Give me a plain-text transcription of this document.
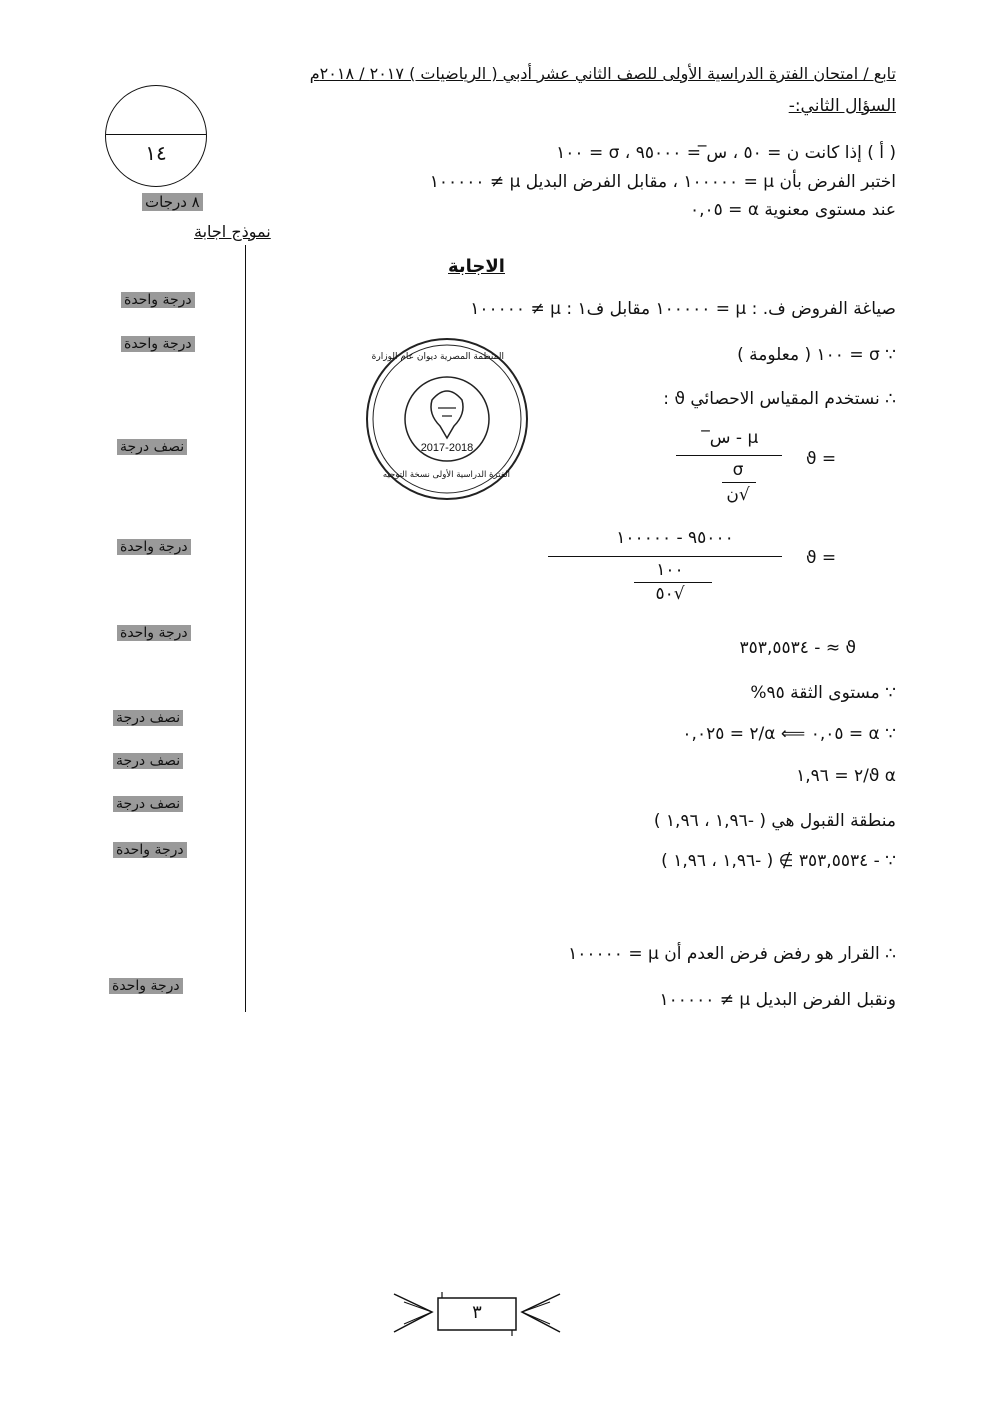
تابع / امتحان الفترة الدراسية الأولى للصف الثاني عشر أدبي ( الرياضيات ) ٢٠١٧ / ٢٠١٨م
السؤال الثاني:-
١٤	( أ ) إذا كانت ن = ٥٠ ، س̅ = ٩٥٠٠٠ ، σ = ١٠٠
اختبر الفرض بأن μ = ١٠٠٠٠٠ ، مقابل الفرض البديل μ ≠ ١٠٠٠٠٠
عند مستوى معنوية α = ٠,٠٥
٨ درجات
نموذج اجابة
الاجابة
صياغة الفروض ف. : μ = ١٠٠٠٠٠ مقابل ف١ : μ ≠ ١٠٠٠٠٠
∵ σ = ١٠٠ ( معلومة )
المنظمة المصرية ديوان عام الوزارة
2017-2018
الفترة الدراسية الأولى نسخة التوجيه
∴ نستخدم المقياس الاحصائي ϑ :
= ϑ
س̅ - μ
σ
√ن
= ϑ
٩٥٠٠٠ - ١٠٠٠٠٠
١٠٠
√٥٠
ϑ ≈ - ٣٥٣,٥٥٣٤
∵ مستوى الثقة ٩٥%
∵ α = ٠,٠٥ ⟸ α/٢ = ٠,٠٢٥
ϑ α/٢ = ١,٩٦
منطقة القبول هي ( -١,٩٦ ، ١,٩٦ )
∵ - ٣٥٣,٥٥٣٤ ∌ ( -١,٩٦ ، ١,٩٦ )
∴ القرار هو رفض فرض العدم أن μ = ١٠٠٠٠٠
ونقبل الفرض البديل μ ≠ ١٠٠٠٠٠
درجة واحدة
درجة واحدة
نصف درجة
درجة واحدة
درجة واحدة
نصف درجة
نصف درجة
نصف درجة
درجة واحدة
درجة واحدة
٣
